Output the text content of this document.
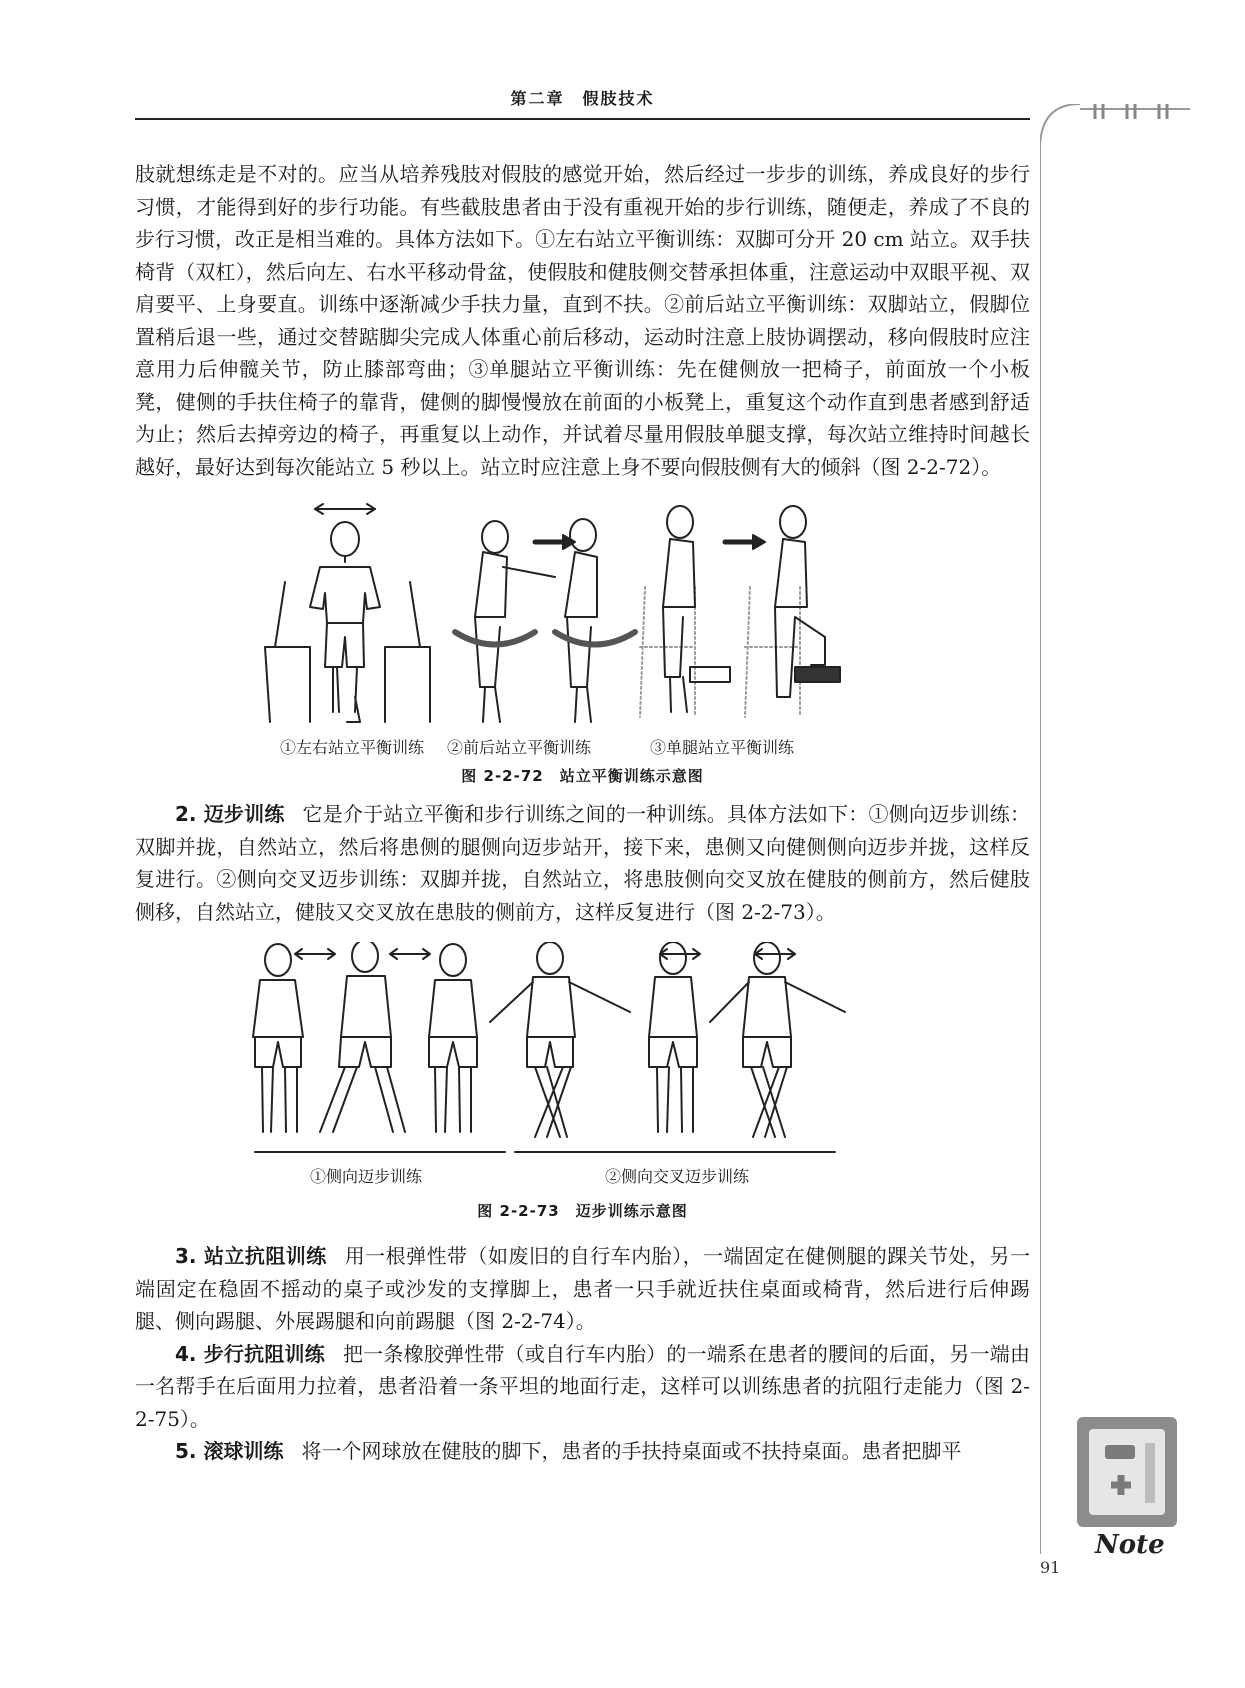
第二章　假肢技术

肢就想练走是不对的。应当从培养残肢对假肢的感觉开始，然后经过一步步的训练，养成良好的步行习惯，才能得到好的步行功能。有些截肢患者由于没有重视开始的步行训练，随便走，养成了不良的步行习惯，改正是相当难的。具体方法如下。①左右站立平衡训练：双脚可分开 20 cm 站立。双手扶椅背（双杠），然后向左、右水平移动骨盆，使假肢和健肢侧交替承担体重，注意运动中双眼平视、双肩要平、上身要直。训练中逐渐减少手扶力量，直到不扶。②前后站立平衡训练：双脚站立，假脚位置稍后退一些，通过交替踮脚尖完成人体重心前后移动，运动时注意上肢协调摆动，移向假肢时应注意用力后伸髋关节，防止膝部弯曲；③单腿站立平衡训练：先在健侧放一把椅子，前面放一个小板凳，健侧的手扶住椅子的靠背，健侧的脚慢慢放在前面的小板凳上，重复这个动作直到患者感到舒适为止；然后去掉旁边的椅子，再重复以上动作，并试着尽量用假肢单腿支撑，每次站立维持时间越长越好，最好达到每次能站立 5 秒以上。站立时应注意上身不要向假肢侧有大的倾斜（图 2-2-72）。

①左右站立平衡训练 ②前后站立平衡训练	③单腿站立平衡训练
图 2-2-72　站立平衡训练示意图

2. 迈步训练 它是介于站立平衡和步行训练之间的一种训练。具体方法如下：①侧向迈步训练：双脚并拢，自然站立，然后将患侧的腿侧向迈步站开，接下来，患侧又向健侧侧向迈步并拢，这样反复进行。②侧向交叉迈步训练：双脚并拢，自然站立，将患肢侧向交叉放在健肢的侧前方，然后健肢侧移，自然站立，健肢又交叉放在患肢的侧前方，这样反复进行（图 2-2-73）。

①侧向迈步训练	②侧向交叉迈步训练
图 2-2-73　迈步训练示意图

3. 站立抗阻训练 用一根弹性带（如废旧的自行车内胎），一端固定在健侧腿的踝关节处，另一端固定在稳固不摇动的桌子或沙发的支撑脚上，患者一只手就近扶住桌面或椅背，然后进行后伸踢腿、侧向踢腿、外展踢腿和向前踢腿（图 2-2-74）。

4. 步行抗阻训练 把一条橡胶弹性带（或自行车内胎）的一端系在患者的腰间的后面，另一端由一名帮手在后面用力拉着，患者沿着一条平坦的地面行走，这样可以训练患者的抗阻行走能力（图 2-2-75）。

5. 滚球训练 将一个网球放在健肢的脚下，患者的手扶持桌面或不扶持桌面。患者把脚平

Note
91
